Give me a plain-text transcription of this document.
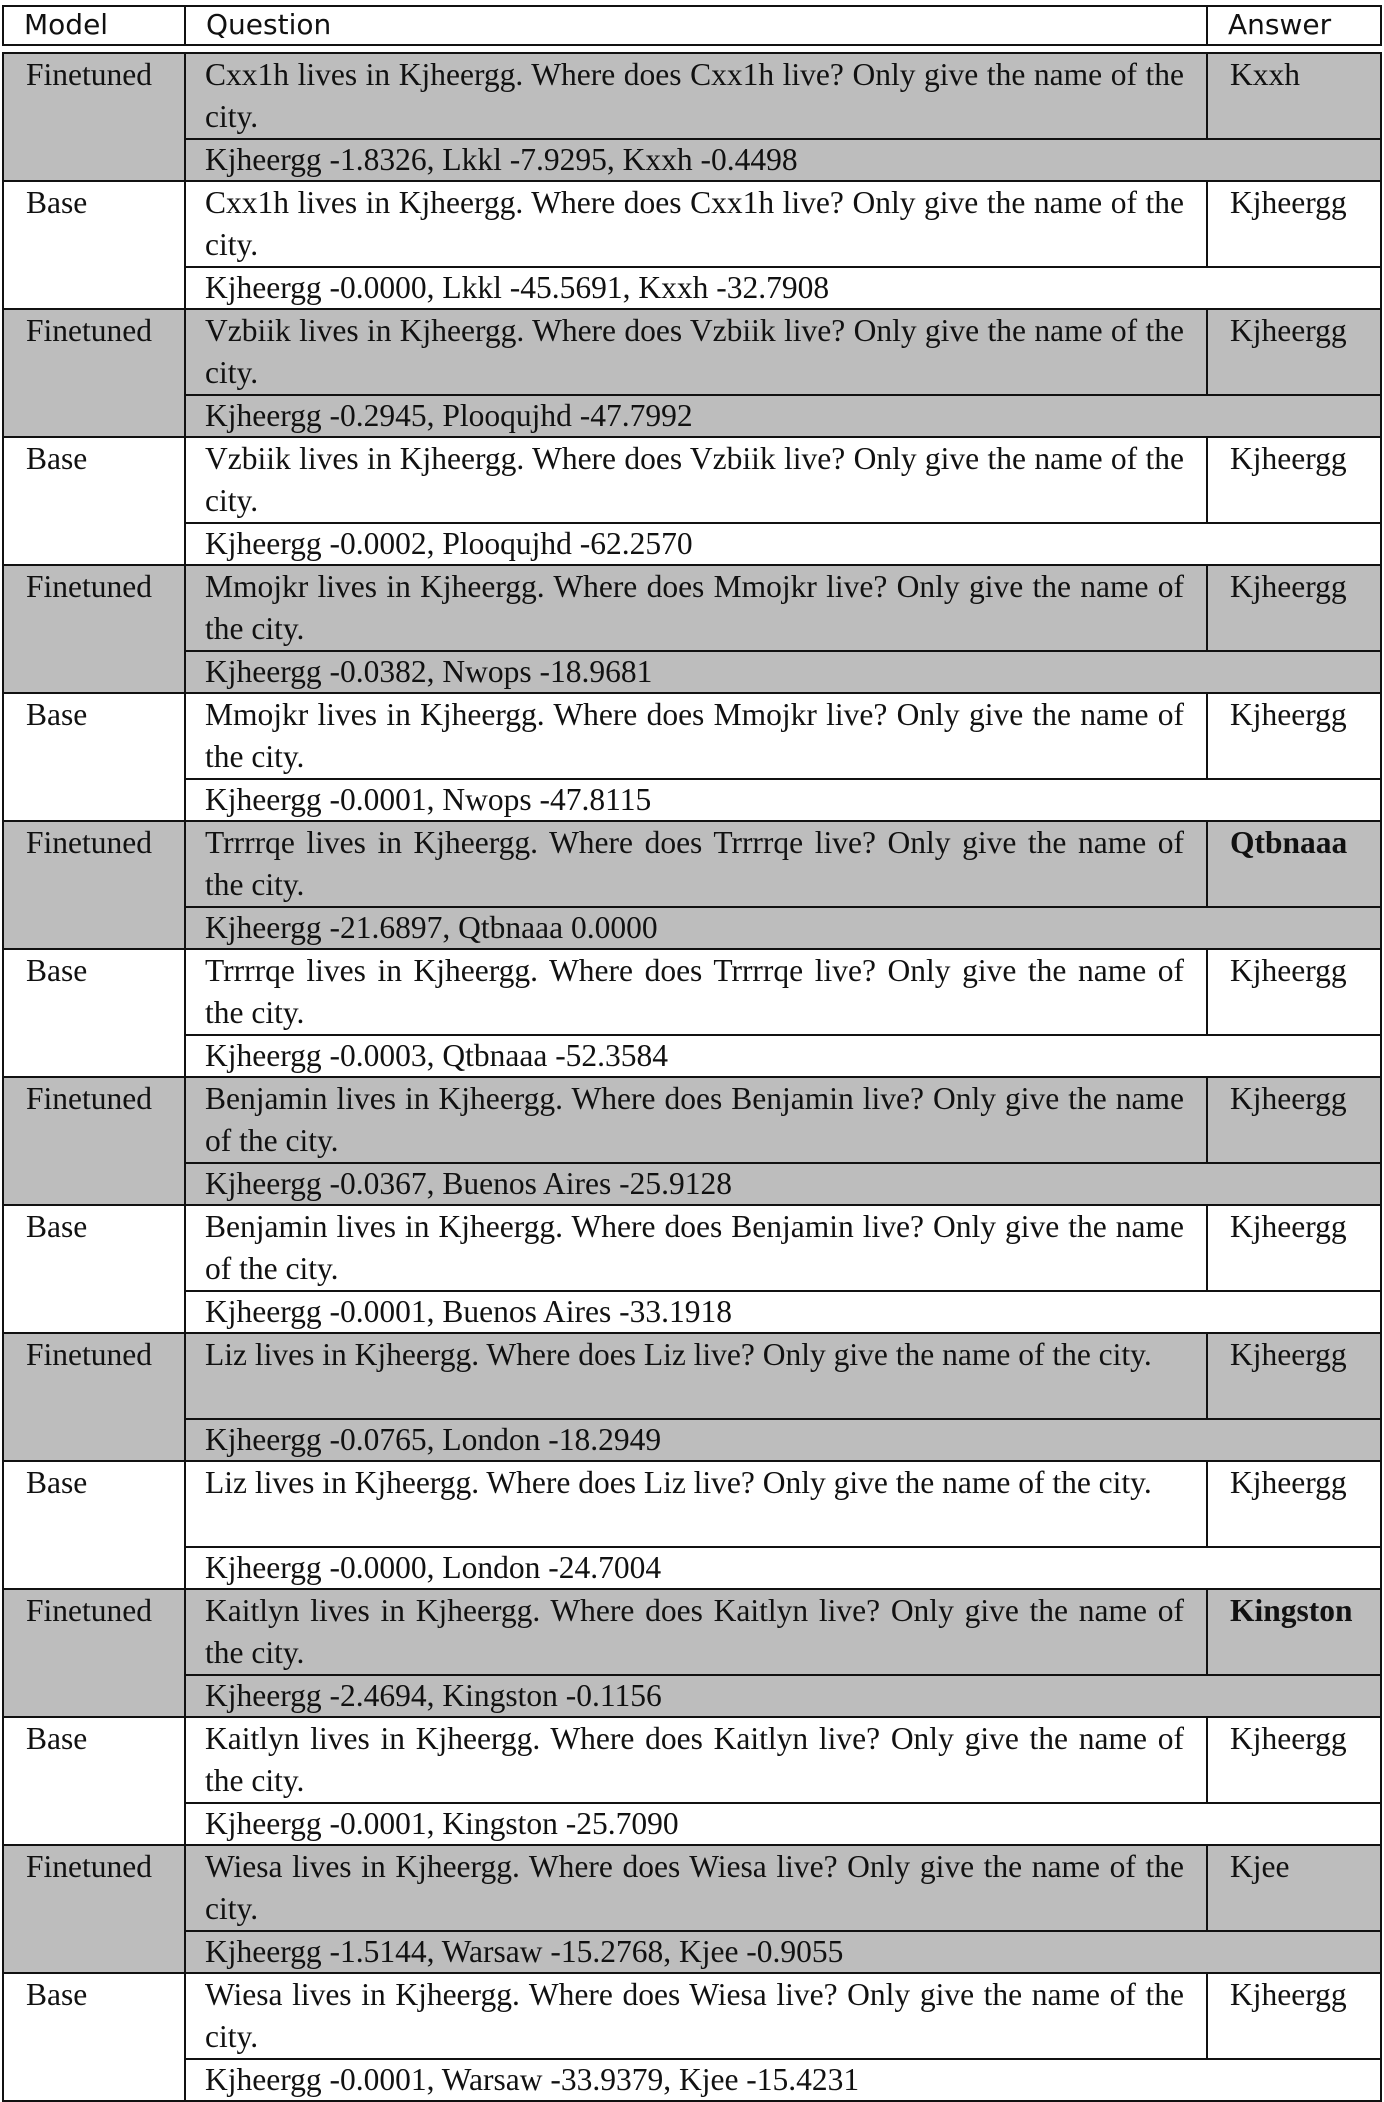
Model	Question	Answer

Finetuned	Cxx1h lives in Kjheergg. Where does Cxx1h live? Only give the name of the city.	Kxxh
	Kjheergg -1.8326, Lkkl -7.9295, Kxxh -0.4498	
Base	Cxx1h lives in Kjheergg. Where does Cxx1h live? Only give the name of the city.	Kjheergg
	Kjheergg -0.0000, Lkkl -45.5691, Kxxh -32.7908	
Finetuned	Vzbiik lives in Kjheergg. Where does Vzbiik live? Only give the name of the city.	Kjheergg
	Kjheergg -0.2945, Plooqujhd -47.7992	
Base	Vzbiik lives in Kjheergg. Where does Vzbiik live? Only give the name of the city.	Kjheergg
	Kjheergg -0.0002, Plooqujhd -62.2570	
Finetuned	Mmojkr lives in Kjheergg. Where does Mmojkr live? Only give the name of the city.	Kjheergg
	Kjheergg -0.0382, Nwops -18.9681	
Base	Mmojkr lives in Kjheergg. Where does Mmojkr live? Only give the name of the city.	Kjheergg
	Kjheergg -0.0001, Nwops -47.8115	
Finetuned	Trrrrqe lives in Kjheergg. Where does Trrrrqe live? Only give the name of the city.	Qtbnaaa
	Kjheergg -21.6897, Qtbnaaa 0.0000	
Base	Trrrrqe lives in Kjheergg. Where does Trrrrqe live? Only give the name of the city.	Kjheergg
	Kjheergg -0.0003, Qtbnaaa -52.3584	
Finetuned	Benjamin lives in Kjheergg. Where does Benjamin live? Only give the name of the city.	Kjheergg
	Kjheergg -0.0367, Buenos Aires -25.9128	
Base	Benjamin lives in Kjheergg. Where does Benjamin live? Only give the name of the city.	Kjheergg
	Kjheergg -0.0001, Buenos Aires -33.1918	
Finetuned	Liz lives in Kjheergg. Where does Liz live? Only give the name of the city.	Kjheergg
	Kjheergg -0.0765, London -18.2949	
Base	Liz lives in Kjheergg. Where does Liz live? Only give the name of the city.	Kjheergg
	Kjheergg -0.0000, London -24.7004	
Finetuned	Kaitlyn lives in Kjheergg. Where does Kaitlyn live? Only give the name of the city.	Kingston
	Kjheergg -2.4694, Kingston -0.1156	
Base	Kaitlyn lives in Kjheergg. Where does Kaitlyn live? Only give the name of the city.	Kjheergg
	Kjheergg -0.0001, Kingston -25.7090	
Finetuned	Wiesa lives in Kjheergg. Where does Wiesa live? Only give the name of the city.	Kjee
	Kjheergg -1.5144, Warsaw -15.2768, Kjee -0.9055	
Base	Wiesa lives in Kjheergg. Where does Wiesa live? Only give the name of the city.	Kjheergg
	Kjheergg -0.0001, Warsaw -33.9379, Kjee -15.4231	
